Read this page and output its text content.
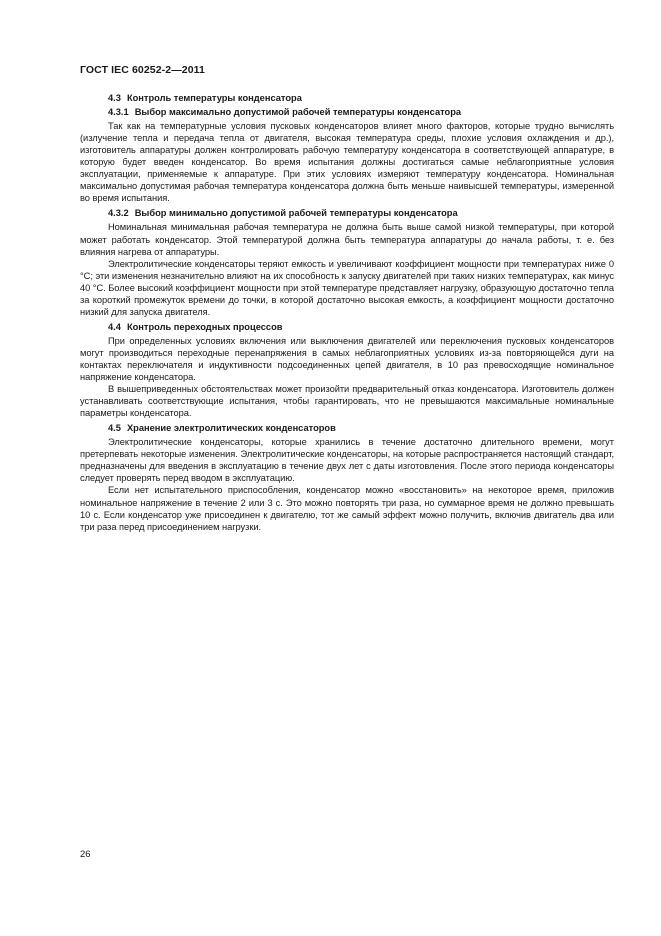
ГОСТ IEC 60252-2—2011
4.3 Контроль температуры конденсатора
4.3.1 Выбор максимально допустимой рабочей температуры конденсатора

Так как на температурные условия пусковых конденсаторов влияет много факторов, которые трудно вычислять (излучение тепла и передача тепла от двигателя, высокая температура среды, плохие условия охлаждения и др.), изготовитель аппаратуры должен контролировать рабочую температуру конденсатора в соответствующей аппаратуре, в которую будет введен конденсатор. Во время испытания должны достигаться самые неблагоприятные условия эксплуатации, применяемые к аппаратуре. При этих условиях измеряют температуру конденсатора. Номинальная максимально допустимая рабочая температура конденсатора должна быть меньше наивысшей температуры, измеренной во время испытания.

4.3.2 Выбор минимально допустимой рабочей температуры конденсатора

Номинальная минимальная рабочая температура не должна быть выше самой низкой температуры, при которой может работать конденсатор. Этой температурой должна быть температура аппаратуры до начала работы, т. е. без влияния нагрева от аппаратуры.

Электролитические конденсаторы теряют емкость и увеличивают коэффициент мощности при температурах ниже 0 °С; эти изменения незначительно влияют на их способность к запуску двигателей при таких низких температурах, как минус 40 °С. Более высокий коэффициент мощности при этой температуре представляет нагрузку, образующую достаточно тепла за короткий промежуток времени до точки, в которой достаточно высокая емкость, а коэффициент мощности достаточно низкий для запуска двигателя.

4.4 Контроль переходных процессов

При определенных условиях включения или выключения двигателей или переключения пусковых конденсаторов могут производиться переходные перенапряжения в самых неблагоприятных условиях из-за повторяющейся дуги на контактах переключателя и индуктивности подсоединенных цепей двигателя, в 10 раз превосходящие номинальное напряжение конденсатора.

В вышеприведенных обстоятельствах может произойти предварительный отказ конденсатора. Изготовитель должен устанавливать соответствующие испытания, чтобы гарантировать, что не превышаются максимальные номинальные параметры конденсатора.

4.5 Хранение электролитических конденсаторов

Электролитические конденсаторы, которые хранились в течение достаточно длительного времени, могут претерпевать некоторые изменения. Электролитические конденсаторы, на которые распространяется настоящий стандарт, предназначены для введения в эксплуатацию в течение двух лет с даты изготовления. После этого периода конденсаторы следует проверять перед вводом в эксплуатацию.

Если нет испытательного приспособления, конденсатор можно «восстановить» на некоторое время, приложив номинальное напряжение в течение 2 или 3 с. Это можно повторять три раза, но суммарное время не должно превышать 10 с. Если конденсатор уже присоединен к двигателю, тот же самый эффект можно получить, включив двигатель два или три раза перед присоединением нагрузки.

26
